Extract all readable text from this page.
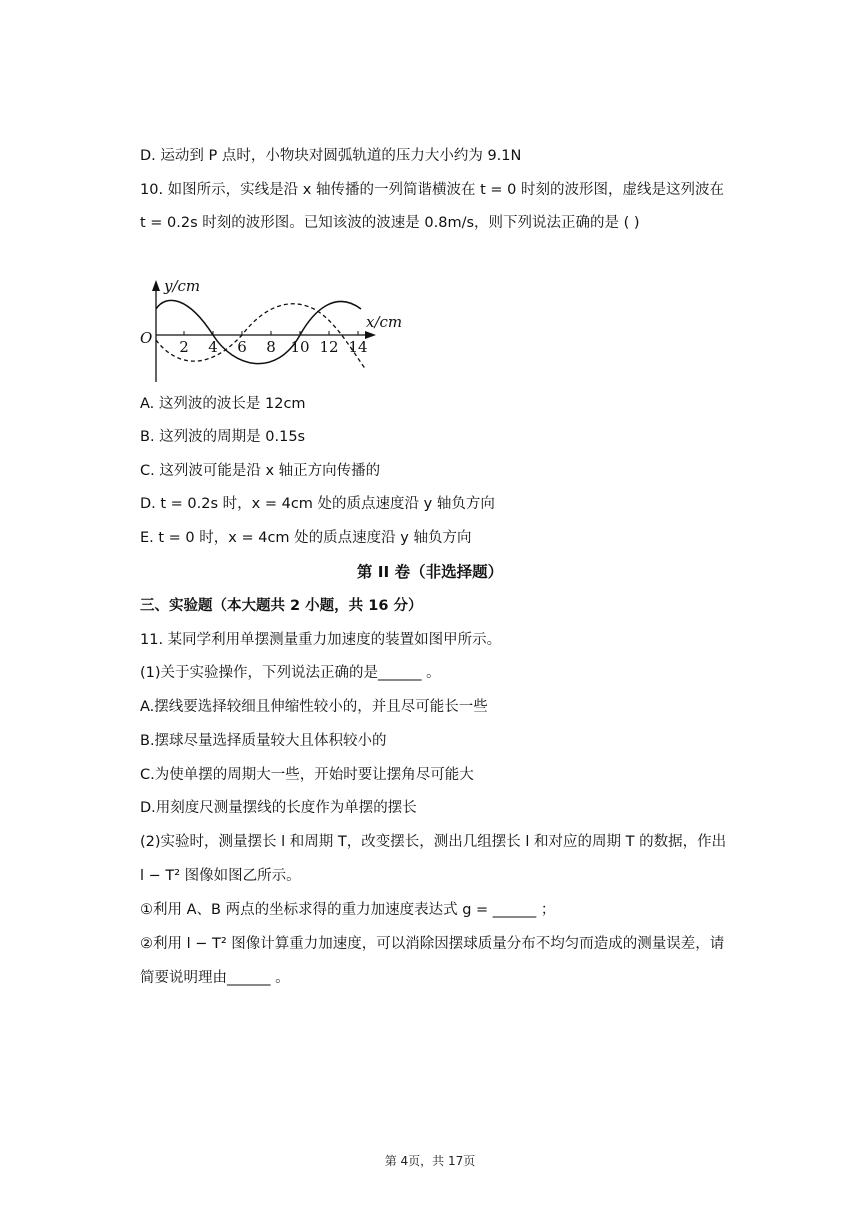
D. 运动到 P 点时，小物块对圆弧轨道的压力大小约为 9.1N
10. 如图所示，实线是沿 x 轴传播的一列简谐横波在 t = 0 时刻的波形图，虚线是这列波在
t = 0.2s 时刻的波形图。已知该波的波速是 0.8m/s，则下列说法正确的是 ( )
y/cm
x/cm
O 2 4 6 8 10 12 14
A. 这列波的波长是 12cm
B. 这列波的周期是 0.15s
C. 这列波可能是沿 x 轴正方向传播的
D. t = 0.2s 时，x = 4cm 处的质点速度沿 y 轴负方向
E. t = 0 时，x = 4cm 处的质点速度沿 y 轴负方向
第 II 卷（非选择题）
三、实验题（本大题共 2 小题，共 16 分）
11. 某同学利用单摆测量重力加速度的装置如图甲所示。
(1)关于实验操作，下列说法正确的是______ 。
A.摆线要选择较细且伸缩性较小的，并且尽可能长一些
B.摆球尽量选择质量较大且体积较小的
C.为使单摆的周期大一些，开始时要让摆角尽可能大
D.用刻度尺测量摆线的长度作为单摆的摆长
(2)实验时，测量摆长 l 和周期 T，改变摆长，测出几组摆长 l 和对应的周期 T 的数据，作出
l − T² 图像如图乙所示。
①利用 A、B 两点的坐标求得的重力加速度表达式 g = ______ ；
②利用 l − T² 图像计算重力加速度，可以消除因摆球质量分布不均匀而造成的测量误差，请
简要说明理由______ 。
第 4页，共 17页
